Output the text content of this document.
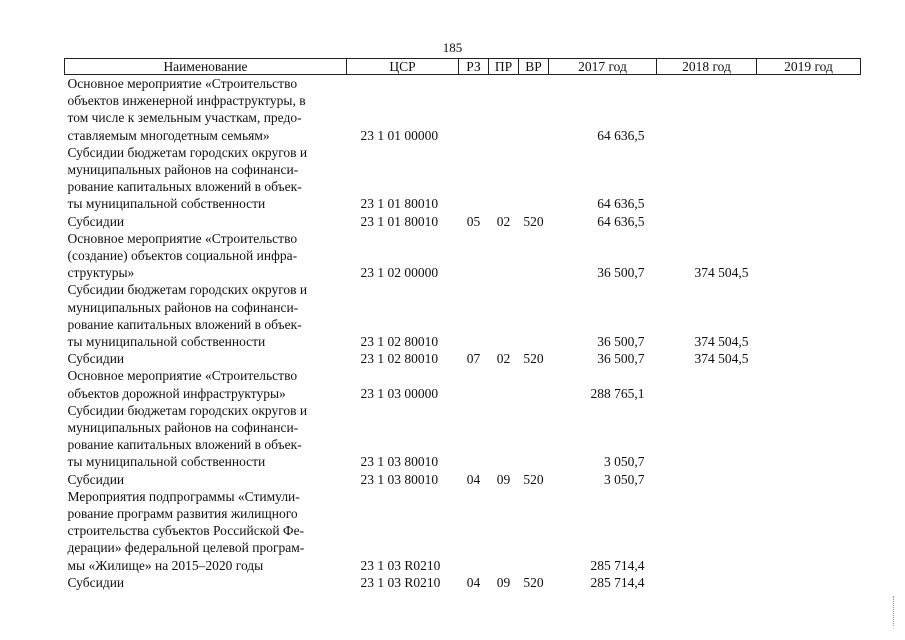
185
Наименование	ЦСР	РЗ	ПР	ВР	2017 год	2018 год	2019 год

Основное мероприятие «Строительство
объектов инженерной инфраструктуры, в
том числе к земельным участкам, предо-
ставляемым многодетным семьям»	23 1 01 00000				64 636,5		

Субсидии бюджетам городских округов и
муниципальных районов на софинанси-
рование капитальных вложений в объек-
ты муниципальной собственности	23 1 01 80010				64 636,5		

Субсидии	23 1 01 80010	05	02	520	64 636,5		

Основное мероприятие «Строительство
(создание) объектов социальной инфра-
структуры»	23 1 02 00000				36 500,7	374 504,5	

Субсидии бюджетам городских округов и
муниципальных районов на софинанси-
рование капитальных вложений в объек-
ты муниципальной собственности	23 1 02 80010				36 500,7	374 504,5	

Субсидии	23 1 02 80010	07	02	520	36 500,7	374 504,5	

Основное мероприятие «Строительство
объектов дорожной инфраструктуры»	23 1 03 00000				288 765,1		

Субсидии бюджетам городских округов и
муниципальных районов на софинанси-
рование капитальных вложений в объек-
ты муниципальной собственности	23 1 03 80010				3 050,7		

Субсидии	23 1 03 80010	04	09	520	3 050,7		

Мероприятия подпрограммы «Стимули-
рование программ развития жилищного
строительства субъектов Российской Фе-
дерации» федеральной целевой програм-
мы «Жилище» на 2015–2020 годы	23 1 03 R0210				285 714,4		

Субсидии	23 1 03 R0210	04	09	520	285 714,4		
